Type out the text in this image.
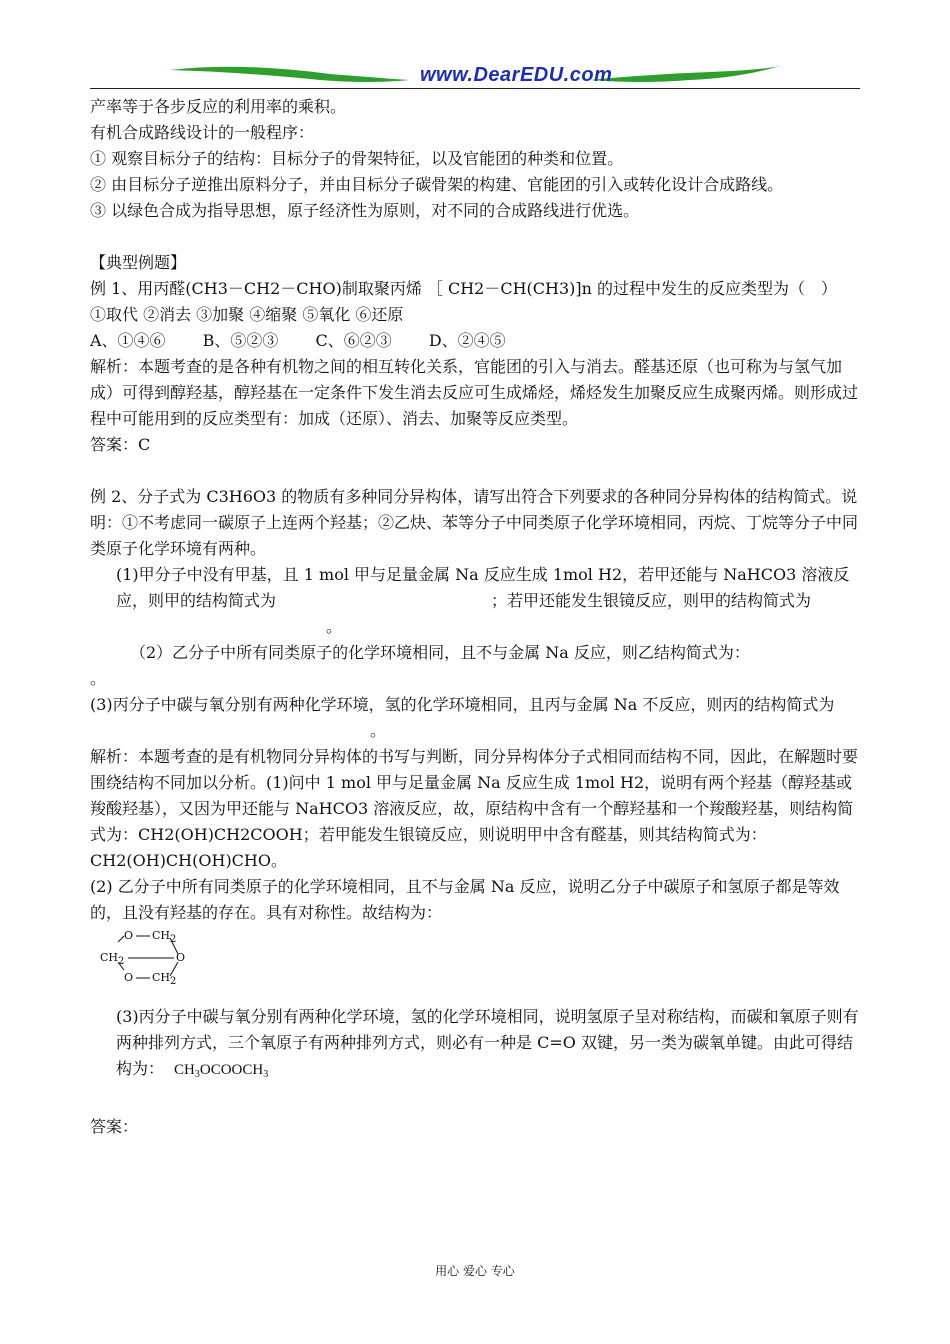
www.DearEDU.com

产率等于各步反应的利用率的乘积。

有机合成路线设计的一般程序：

① 观察目标分子的结构：目标分子的骨架特征，以及官能团的种类和位置。

② 由目标分子逆推出原料分子，并由目标分子碳骨架的构建、官能团的引入或转化设计合成路线。

③ 以绿色合成为指导思想，原子经济性为原则，对不同的合成路线进行优选。

【典型例题】

例 1、用丙醛(CH3－CH2－CHO)制取聚丙烯 ［ CH2－CH(CH3)]n 的过程中发生的反应类型为（　）

①取代 ②消去 ③加聚 ④缩聚 ⑤氧化 ⑥还原

A、①④⑥　　 B、⑤②③　　 C、⑥②③　　 D、②④⑤

解析：本题考查的是各种有机物之间的相互转化关系，官能团的引入与消去。醛基还原（也可称为与氢气加成）可得到醇羟基，醇羟基在一定条件下发生消去反应可生成烯烃，烯烃发生加聚反应生成聚丙烯。则形成过程中可能用到的反应类型有：加成（还原）、消去、加聚等反应类型。

答案：C

例 2、分子式为 C3H6O3 的物质有多种同分异构体，请写出符合下列要求的各种同分异构体的结构简式。说明：①不考虑同一碳原子上连两个羟基；②乙炔、苯等分子中同类原子化学环境相同，丙烷、丁烷等分子中同类原子化学环境有两种。

(1)甲分子中没有甲基，且 1 mol 甲与足量金属 Na 反应生成 1mol H2，若甲还能与 NaHCO3 溶液反应，则甲的结构简式为	；若甲还能发生银镜反应，则甲的结构简式为。

（2）乙分子中所有同类原子的化学环境相同，且不与金属 Na 反应，则乙结构简式为：

。

(3)丙分子中碳与氧分别有两种化学环境，氢的化学环境相同，且丙与金属 Na 不反应，则丙的结构简式为。

解析：本题考查的是有机物同分异构体的书写与判断，同分异构体分子式相同而结构不同，因此，在解题时要围绕结构不同加以分析。(1)问中 1 mol 甲与足量金属 Na 反应生成 1mol H2，说明有两个羟基（醇羟基或羧酸羟基），又因为甲还能与 NaHCO3 溶液反应，故，原结构中含有一个醇羟基和一个羧酸羟基，则结构简式为：CH2(OH)CH2COOH；若甲能发生银镜反应，则说明甲中含有醛基，则其结构简式为：CH2(OH)CH(OH)CHO。

(2) 乙分子中所有同类原子的化学环境相同，且不与金属 Na 反应，说明乙分子中碳原子和氢原子都是等效的，且没有羟基的存在。具有对称性。故结构为：

O CH2
CH2	O
O CH2

(3)丙分子中碳与氧分别有两种化学环境，氢的化学环境相同，说明氢原子呈对称结构，而碳和氧原子则有两种排列方式，三个氧原子有两种排列方式，则必有一种是 C=O 双键，另一类为碳氧单键。由此可得结构为： $CH_3OCOOCH_3$

答案：

用心 爱心 专心
